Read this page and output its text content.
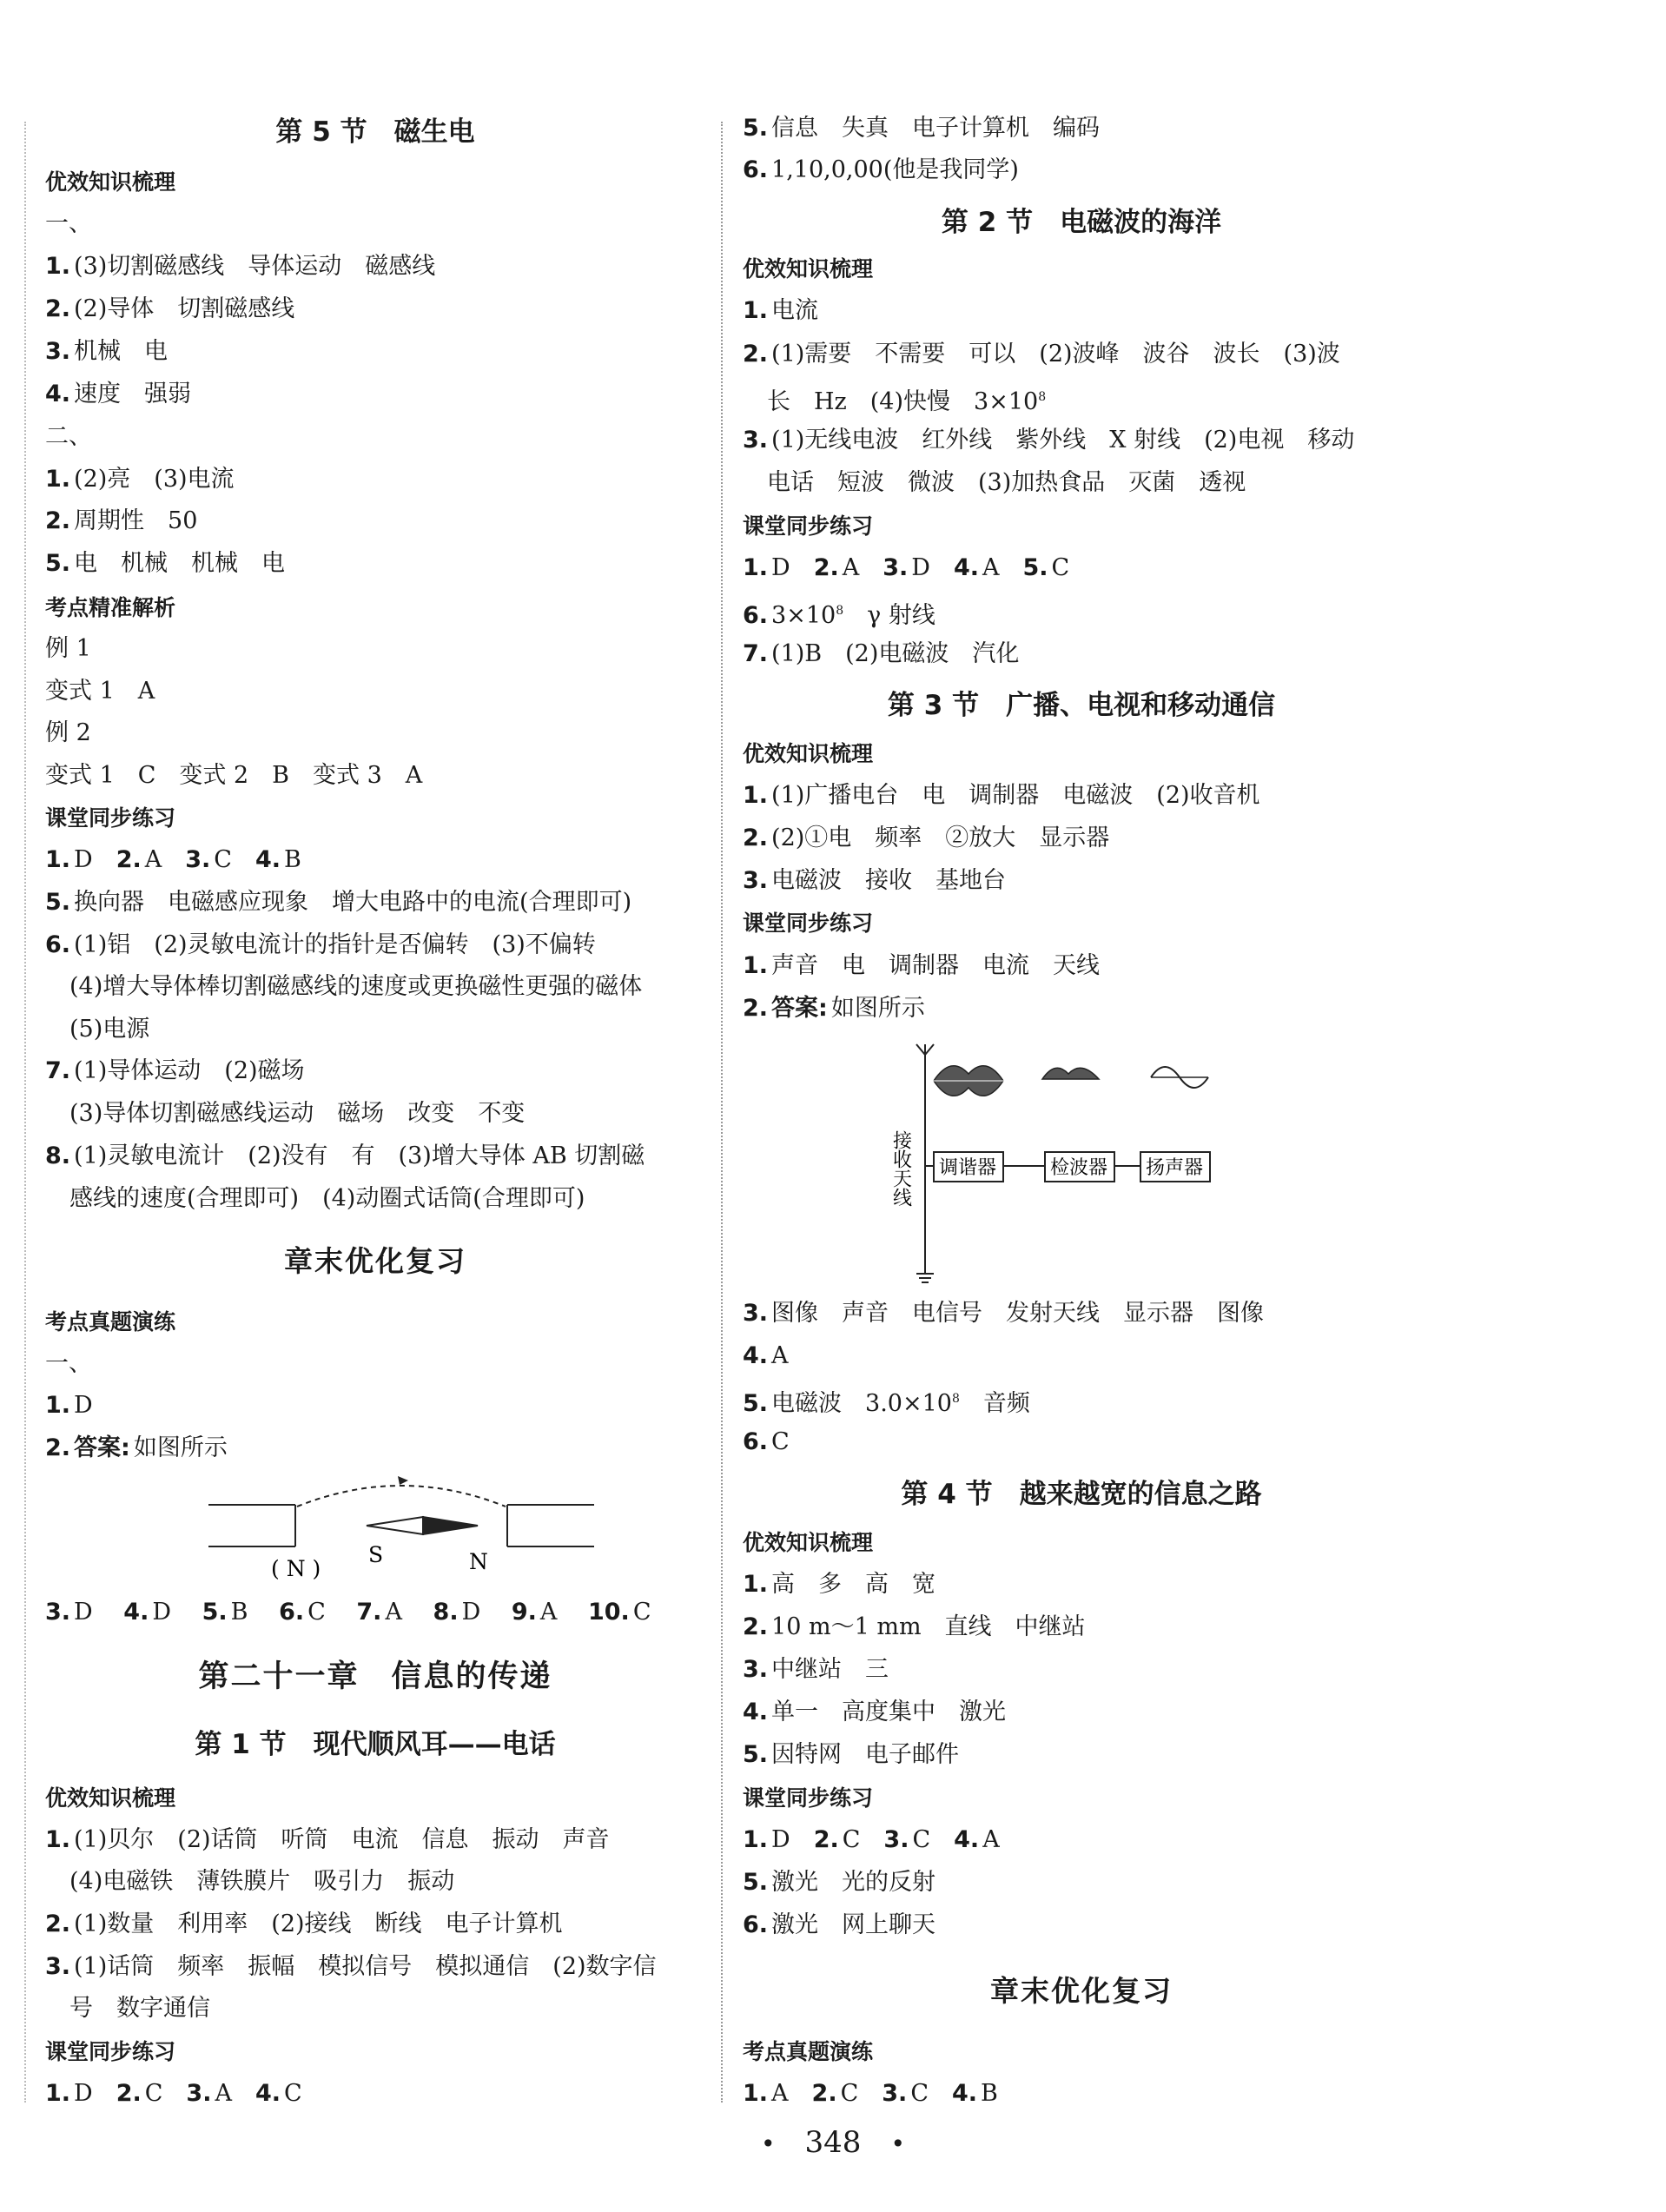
第 5 节　磁生电
优效知识梳理
一、
1. (3)切割磁感线　导体运动　磁感线
2. (2)导体　切割磁感线
3. 机械　电
4. 速度　强弱
二、
1. (2)亮　(3)电流
2. 周期性　50
5. 电　机械　机械　电
考点精准解析
例 1
变式 1　A
例 2
变式 1　C　变式 2　B　变式 3　A
课堂同步练习
1. D　2. A　3. C　4. B
5. 换向器　电磁感应现象　增大电路中的电流(合理即可)
6. (1)铝　(2)灵敏电流计的指针是否偏转　(3)不偏转
(4)增大导体棒切割磁感线的速度或更换磁性更强的磁体
(5)电源
7. (1)导体运动　(2)磁场
(3)导体切割磁感线运动　磁场　改变　不变
8. (1)灵敏电流计　(2)没有　有　(3)增大导体 AB 切割磁
感线的速度(合理即可)　(4)动圈式话筒(合理即可)
章末优化复习
考点真题演练
一、
1. D
2. 答案: 如图所示
( N )
S	N
3. D　 4. D　 5. B　 6. C　 7. A　 8. D　 9. A　 10. C
第二十一章　信息的传递
第 1 节　现代顺风耳——电话
优效知识梳理
1. (1)贝尔　(2)话筒　听筒　电流　信息　振动　声音
(4)电磁铁　薄铁膜片　吸引力　振动
2. (1)数量　利用率　(2)接线　断线　电子计算机
3. (1)话筒　频率　振幅　模拟信号　模拟通信　(2)数字信
号　数字通信
课堂同步练习
1. D　2. C　3. A　4. C
5. 信息　失真　电子计算机　编码
6. 1,10,0,00(他是我同学)
第 2 节　电磁波的海洋
优效知识梳理
1. 电流
2. (1)需要　不需要　可以　(2)波峰　波谷　波长　(3)波
长　Hz　(4)快慢　$3\times 10^8$
3. (1)无线电波　红外线　紫外线　X 射线　(2)电视　移动
电话　短波　微波　(3)加热食品　灭菌　透视
课堂同步练习
1. D　2. A　3. D　4. A　5. C
6. $3\times 10^8$　γ 射线
7. (1)B　(2)电磁波　汽化
第 3 节　广播、电视和移动通信
优效知识梳理
1. (1)广播电台　电　调制器　电磁波　(2)收音机
2. (2)①电　频率　②放大　显示器
3. 电磁波　接收　基地台
课堂同步练习
1. 声音　电　调制器　电流　天线
2. 答案: 如图所示
接收天线 调谐器	检波器 扬声器
3. 图像　声音　电信号　发射天线　显示器　图像
4. A
5. 电磁波　$3.0\times 10^8$　音频
6. C
第 4 节　越来越宽的信息之路
优效知识梳理
1. 高　多　高　宽
2. 10 m～1 mm　直线　中继站
3. 中继站　三
4. 单一　高度集中　激光
5. 因特网　电子邮件
课堂同步练习
1. D　2. C　3. C　4. A
5. 激光　光的反射
6. 激光　网上聊天
章末优化复习
考点真题演练
1. A　2. C　3. C　4. B
• 348 •
